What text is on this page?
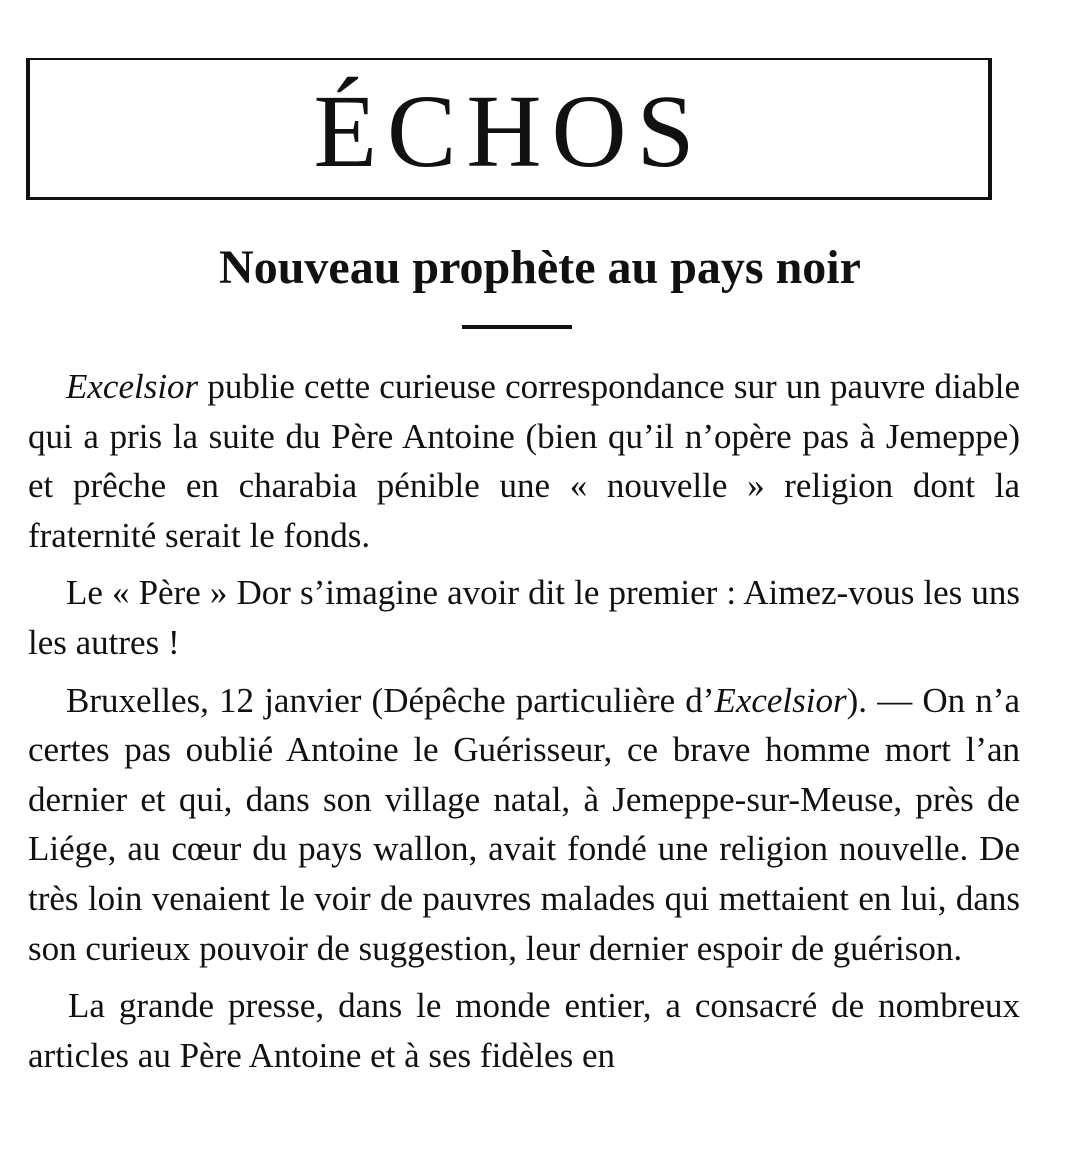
ÉCHOS
Nouveau prophète au pays noir

Excelsior publie cette curieuse correspondance sur un pauvre diable qui a pris la suite du Père Antoine (bien qu’il n’opère pas à Jemeppe) et prêche en charabia pénible une « nouvelle » religion dont la fraternité serait le fonds.

Le « Père » Dor s’imagine avoir dit le premier : Aimez-vous les uns les autres !

Bruxelles, 12 janvier (Dépêche particulière d’Excelsior). — On n’a certes pas oublié Antoine le Guérisseur, ce brave homme mort l’an dernier et qui, dans son village natal, à Jemeppe-sur-Meuse, près de Liége, au cœur du pays wallon, avait fondé une religion nouvelle. De très loin venaient le voir de pauvres malades qui mettaient en lui, dans son curieux pouvoir de suggestion, leur dernier espoir de guérison.

La grande presse, dans le monde entier, a consacré de nombreux articles au Père Antoine et à ses fidèles en
